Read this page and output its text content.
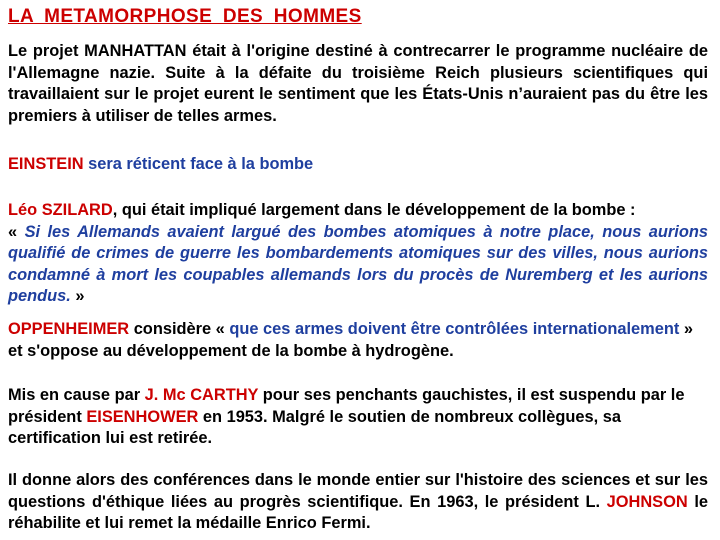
LA METAMORPHOSE DES HOMMES
Le projet MANHATTAN était à l'origine destiné à contrecarrer le programme nucléaire de l'Allemagne nazie. Suite à la défaite du troisième Reich plusieurs scientifiques qui travaillaient sur le projet eurent le sentiment que les États-Unis n’auraient pas du être les premiers à utiliser de telles armes.
EINSTEIN sera réticent face à la bombe
Léo SZILARD, qui était impliqué largement dans le développement de la bombe :
« Si les Allemands avaient largué des bombes atomiques à notre place, nous aurions qualifié de crimes de guerre les bombardements atomiques sur des villes, nous aurions condamné à mort les coupables allemands lors du procès de Nuremberg et les aurions pendus. »
OPPENHEIMER considère « que ces armes doivent être contrôlées internationalement » et s'oppose au développement de la bombe à hydrogène.
Mis en cause par J. Mc CARTHY pour ses penchants gauchistes, il est suspendu par le président EISENHOWER en 1953. Malgré le soutien de nombreux collègues, sa certification lui est retirée.
Il donne alors des conférences dans le monde entier sur l'histoire des sciences et sur les questions d'éthique liées au progrès scientifique. En 1963, le président L. JOHNSON le réhabilite et lui remet la médaille Enrico Fermi.
